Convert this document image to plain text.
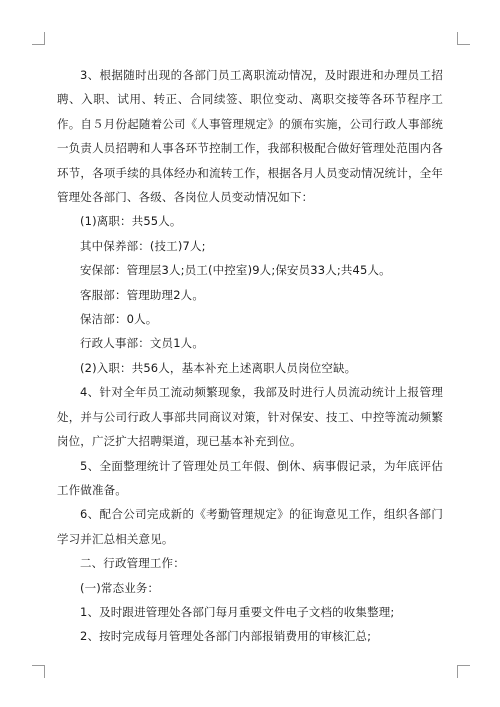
3、根据随时出现的各部门员工离职流动情况，及时跟进和办理员工招聘、入职、试用、转正、合同续签、职位变动、离职交接等各环节程序工作。自５月份起随着公司《人事管理规定》的颁布实施，公司行政人事部统一负责人员招聘和人事各环节控制工作，我部积极配合做好管理处范围内各环节，各项手续的具体经办和流转工作，根据各月人员变动情况统计，全年管理处各部门、各级、各岗位人员变动情况如下：

(1)离职：共55人。

其中保养部：(技工)7人;

安保部：管理层3人;员工(中控室)9人;保安员33人;共45人。

客服部：管理助理2人。

保洁部：0人。

行政人事部：文员1人。

(2)入职：共56人，基本补充上述离职人员岗位空缺。

4、针对全年员工流动频繁现象，我部及时进行人员流动统计上报管理处，并与公司行政人事部共同商议对策，针对保安、技工、中控等流动频繁岗位，广泛扩大招聘渠道，现已基本补充到位。

5、全面整理统计了管理处员工年假、倒休、病事假记录，为年底评估工作做准备。

6、配合公司完成新的《考勤管理规定》的征询意见工作，组织各部门学习并汇总相关意见。

二、行政管理工作：

(一)常态业务：

1、及时跟进管理处各部门每月重要文件电子文档的收集整理;

2、按时完成每月管理处各部门内部报销费用的审核汇总;
